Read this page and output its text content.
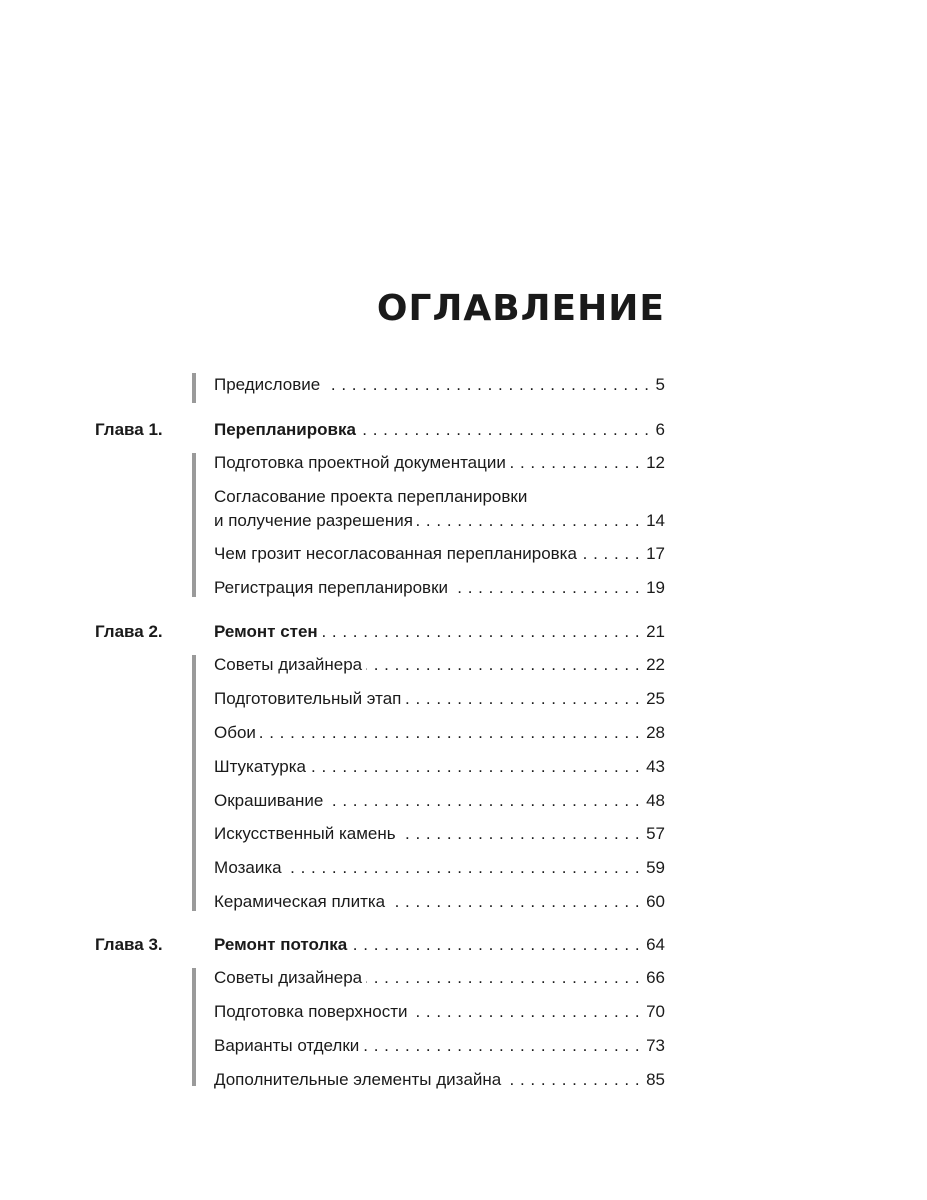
ОГЛАВЛЕНИЕ
Предисловие . . .	5
Глава 1.	Перепланировка . . .	6
Подготовка проектной документации . . .	12
Согласование проекта перепланировки
и получение разрешения . . .	14
Чем грозит несогласованная перепланировка . . .	17
Регистрация перепланировки . . .	19
Глава 2.	Ремонт стен . . .	21
Советы дизайнера . . .	22
Подготовительный этап . . .	25
Обои . . .	28
Штукатурка . . .	43
Окрашивание . . .	48
Искусственный камень . . .	57
Мозаика . . .	59
Керамическая плитка . . .	60
Глава 3.	Ремонт потолка . . .	64
Советы дизайнера . . .	66
Подготовка поверхности . . .	70
Варианты отделки . . .	73
Дополнительные элементы дизайна . . .	85
